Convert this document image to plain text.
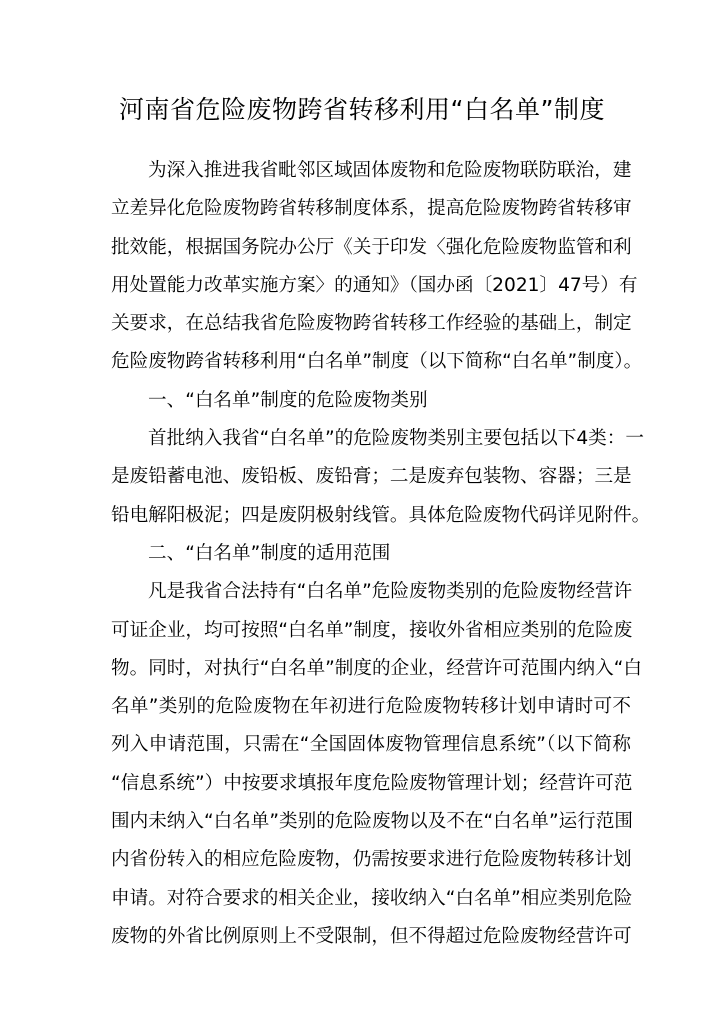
河南省危险废物跨省转移利用“白名单”制度
为深入推进我省毗邻区域固体废物和危险废物联防联治，建
立差异化危险废物跨省转移制度体系，提高危险废物跨省转移审
批效能，根据国务院办公厅《关于印发〈强化危险废物监管和利
用处置能力改革实施方案〉的通知》（国办函〔2021〕47号）有
关要求，在总结我省危险废物跨省转移工作经验的基础上，制定
危险废物跨省转移利用“白名单”制度（以下简称“白名单”制度）。
一、“白名单”制度的危险废物类别
首批纳入我省“白名单”的危险废物类别主要包括以下4类：一
是废铅蓄电池、废铅板、废铅膏；二是废弃包装物、容器；三是
铅电解阳极泥；四是废阴极射线管。具体危险废物代码详见附件。
二、“白名单”制度的适用范围
凡是我省合法持有“白名单”危险废物类别的危险废物经营许
可证企业，均可按照“白名单”制度，接收外省相应类别的危险废
物。同时，对执行“白名单”制度的企业，经营许可范围内纳入“白
名单”类别的危险废物在年初进行危险废物转移计划申请时可不
列入申请范围，只需在“全国固体废物管理信息系统”（以下简称
“信息系统”）中按要求填报年度危险废物管理计划；经营许可范
围内未纳入“白名单”类别的危险废物以及不在“白名单”运行范围
内省份转入的相应危险废物，仍需按要求进行危险废物转移计划
申请。对符合要求的相关企业，接收纳入“白名单”相应类别危险
废物的外省比例原则上不受限制，但不得超过危险废物经营许可
